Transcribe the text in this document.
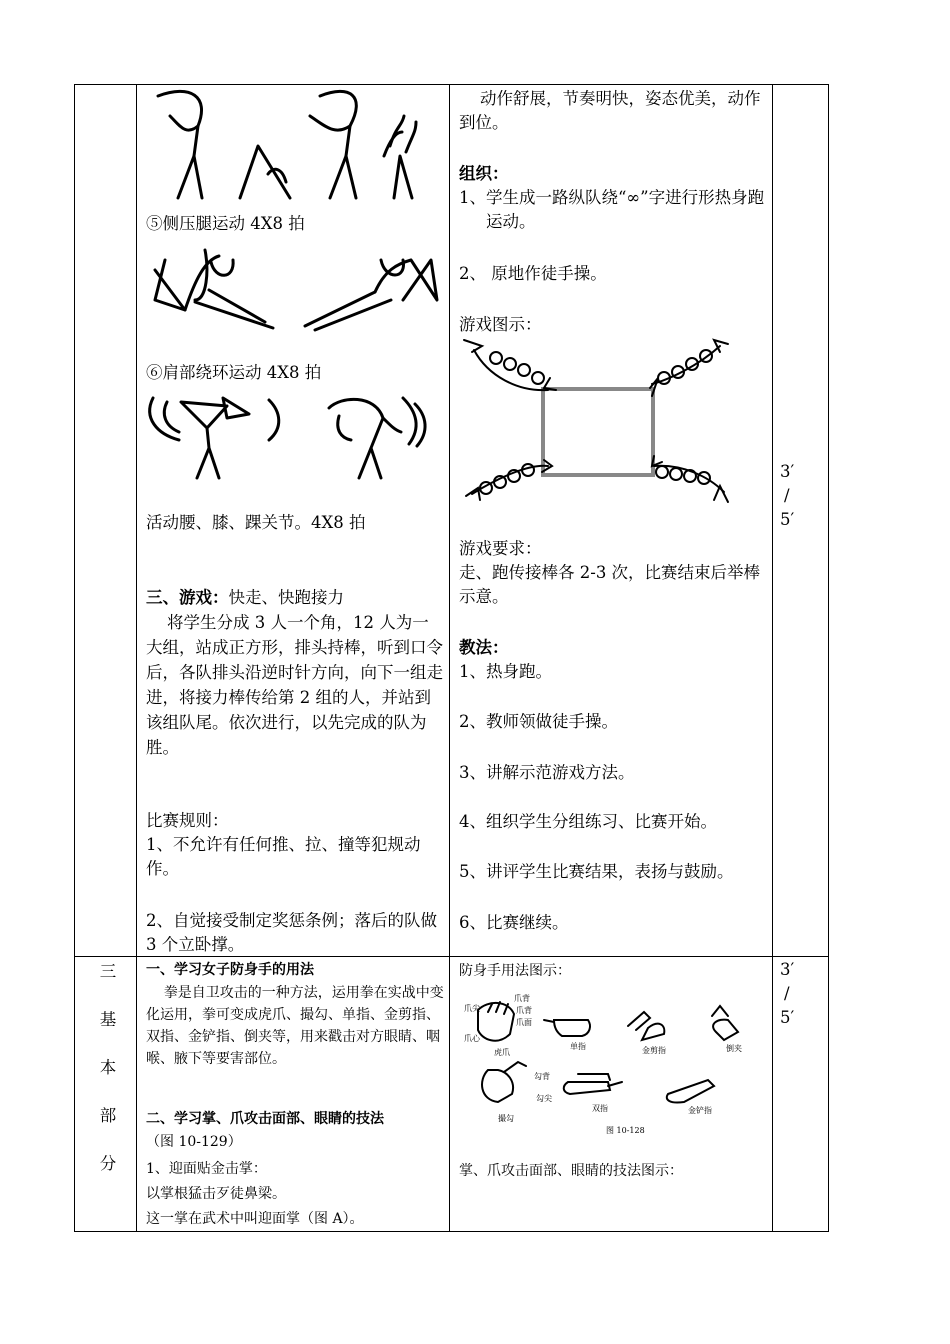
⑤侧压腿运动 4X8 拍
⑥肩部绕环运动 4X8 拍
活动腰、膝、踝关节。4X8 拍
三、游戏：快走、快跑接力
将学生分成 3 人一个角，12 人为一大组，站成正方形，排头持棒，听到口令后，各队排头沿逆时针方向，向下一组走进，将接力棒传给第 2 组的人，并站到该组队尾。依次进行，以先完成的队为胜。
比赛规则：
1、不允许有任何推、拉、撞等犯规动作。
2、自觉接受制定奖惩条例；落后的队做 3 个立卧撑。
动作舒展，节奏明快，姿态优美，动作到位。
组织：
1、 学生成一路纵队绕“∞”字进行形热身跑运动。
2、 原地作徒手操。
游戏图示：
游戏要求：
走、跑传接棒各 2-3 次，比赛结束后举棒示意。
教法：
1、热身跑。
2、教师领做徒手操。
3、讲解示范游戏方法。
4、组织学生分组练习、比赛开始。
5、讲评学生比赛结果，表扬与鼓励。
6、比赛继续。
3′
/
5′
三
基
本
部
分
一、学习女子防身手的用法
拳是自卫攻击的一种方法，运用拳在实战中变化运用，拳可变成虎爪、撮勾、单指、金剪指、双指、金铲指、倒夹等，用来戳击对方眼睛、咽喉、腋下等要害部位。
二、学习掌、爪攻击面部、眼睛的技法
（图 10-129）
1、迎面贴金击掌：
以掌根猛击歹徒鼻梁。
这一掌在武术中叫迎面掌（图 A）。
防身手用法图示：
爪背
爪尖	爪背
爪面
爪心
虎爪
单指	金剪指	倒夹
勾背
勾尖
撮勾
双指	金铲指
图 10-128
掌、爪攻击面部、眼睛的技法图示：
3′
/
5′
